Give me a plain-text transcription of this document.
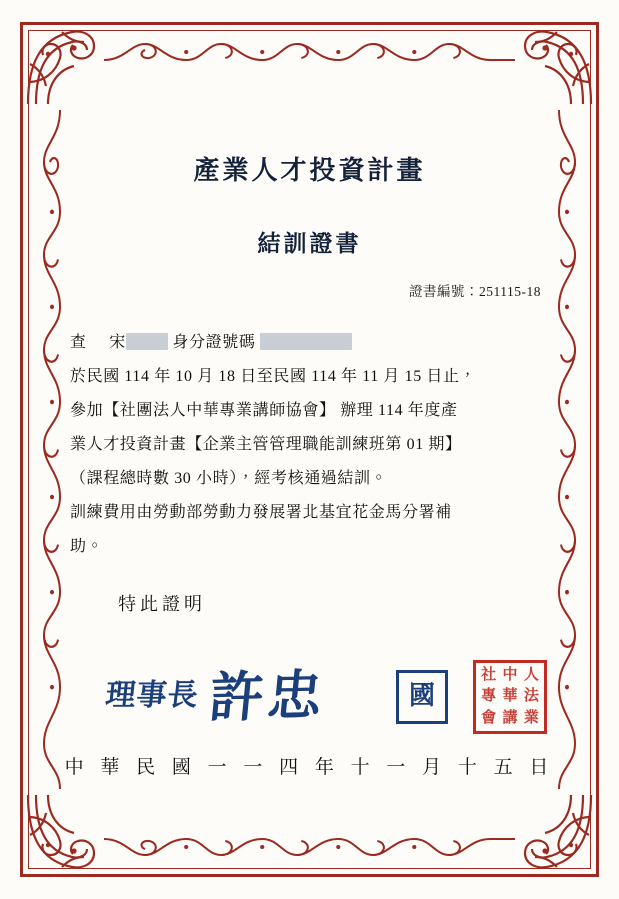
產業人才投資計畫
結訓證書
證書編號：251115-18
查 宋	身分證號碼
於民國 114 年 10 月 18 日至民國 114 年 11 月 15 日止，
參加【社團法人中華專業講師協會】 辦理 114 年度產
業人才投資計畫【企業主管管理職能訓練班第 01 期】
（課程總時數 30 小時），經考核通過結訓。
訓練費用由勞動部勞動力發展署北基宜花金馬分署補
助。
特此證明
理事長 許忠	國
社 中 人
專 華 法
會 講 業
中 華 民 國 一 一 四 年 十 一 月 十 五 日
